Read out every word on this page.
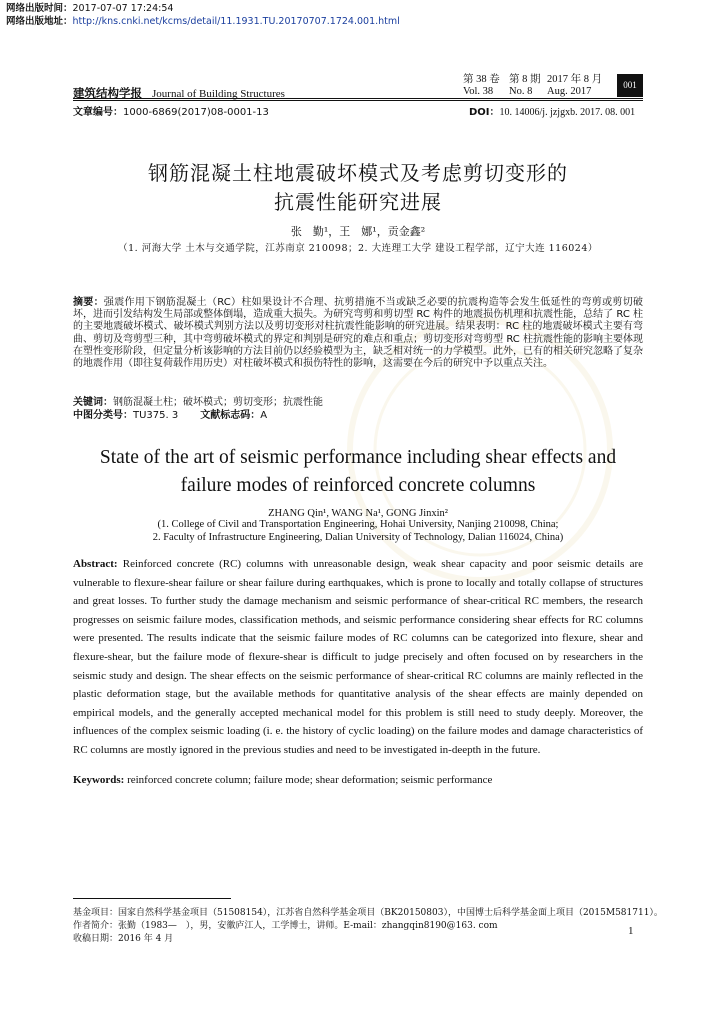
网络出版时间：2017-07-07 17:24:54
网络出版地址：http://kns.cnki.net/kcms/detail/11.1931.TU.20170707.1724.001.html
建筑结构学报 Journal of Building Structures
第 38 卷 第 8 期 2017 年 8 月
Vol. 38 No. 8 Aug. 2017
001
文章编号：1000-6869(2017)08-0001-13	DOI：10. 14006/j. jzjgxb. 2017. 08. 001
钢筋混凝土柱地震破坏模式及考虑剪切变形的
抗震性能研究进展
张　勤¹，王　娜¹，贡金鑫²
（1. 河海大学 土木与交通学院，江苏南京 210098；2. 大连理工大学 建设工程学部，辽宁大连 116024）
摘要：强震作用下钢筋混凝土（RC）柱如果设计不合理、抗剪措施不当或缺乏必要的抗震构造等会发生低延性的弯剪或剪切破坏，进而引发结构发生局部或整体倒塌，造成重大损失。为研究弯剪和剪切型 RC 构件的地震损伤机理和抗震性能，总结了 RC 柱的主要地震破坏模式、破坏模式判别方法以及剪切变形对柱抗震性能影响的研究进展。结果表明：RC 柱的地震破坏模式主要有弯曲、剪切及弯剪型三种，其中弯剪破坏模式的界定和判别是研究的难点和重点；剪切变形对弯剪型 RC 柱抗震性能的影响主要体现在塑性变形阶段，但定量分析该影响的方法目前仍以经验模型为主，缺乏相对统一的力学模型。此外，已有的相关研究忽略了复杂的地震作用（即往复荷载作用历史）对柱破坏模式和损伤特性的影响，这需要在今后的研究中予以重点关注。
关键词：钢筋混凝土柱；破坏模式；剪切变形；抗震性能
中图分类号：TU375. 3 文献标志码：A
State of the art of seismic performance including shear effects and
failure modes of reinforced concrete columns
ZHANG Qin¹, WANG Na¹, GONG Jinxin²
(1. College of Civil and Transportation Engineering, Hohai University, Nanjing 210098, China;
2. Faculty of Infrastructure Engineering, Dalian University of Technology, Dalian 116024, China)
Abstract: Reinforced concrete (RC) columns with unreasonable design, weak shear capacity and poor seismic details are vulnerable to flexure-shear failure or shear failure during earthquakes, which is prone to locally and totally collapse of structures and great losses. To further study the damage mechanism and seismic performance of shear-critical RC members, the research progresses on seismic failure modes, classification methods, and seismic performance considering shear effects for RC columns were presented. The results indicate that the seismic failure modes of RC columns can be categorized into flexure, shear and flexure-shear, but the failure mode of flexure-shear is difficult to judge precisely and often focused on by researchers in the seismic study and design. The shear effects on the seismic performance of shear-critical RC columns are mainly reflected in the plastic deformation stage, but the available methods for quantitative analysis of the shear effects are mainly depended on empirical models, and the generally accepted mechanical model for this problem is still need to study deeply. Moreover, the influences of the complex seismic loading (i. e. the history of cyclic loading) on the failure modes and damage characteristics of RC columns are mostly ignored in the previous studies and need to be investigated in-deepth in the future.
Keywords: reinforced concrete column; failure mode; shear deformation; seismic performance
基金项目：国家自然科学基金项目（51508154），江苏省自然科学基金项目（BK20150803），中国博士后科学基金面上项目（2015M581711）。
作者简介：张勤（1983—　），男，安徽庐江人，工学博士，讲师。E-mail：zhangqin8190@163. com
收稿日期：2016 年 4 月
1
